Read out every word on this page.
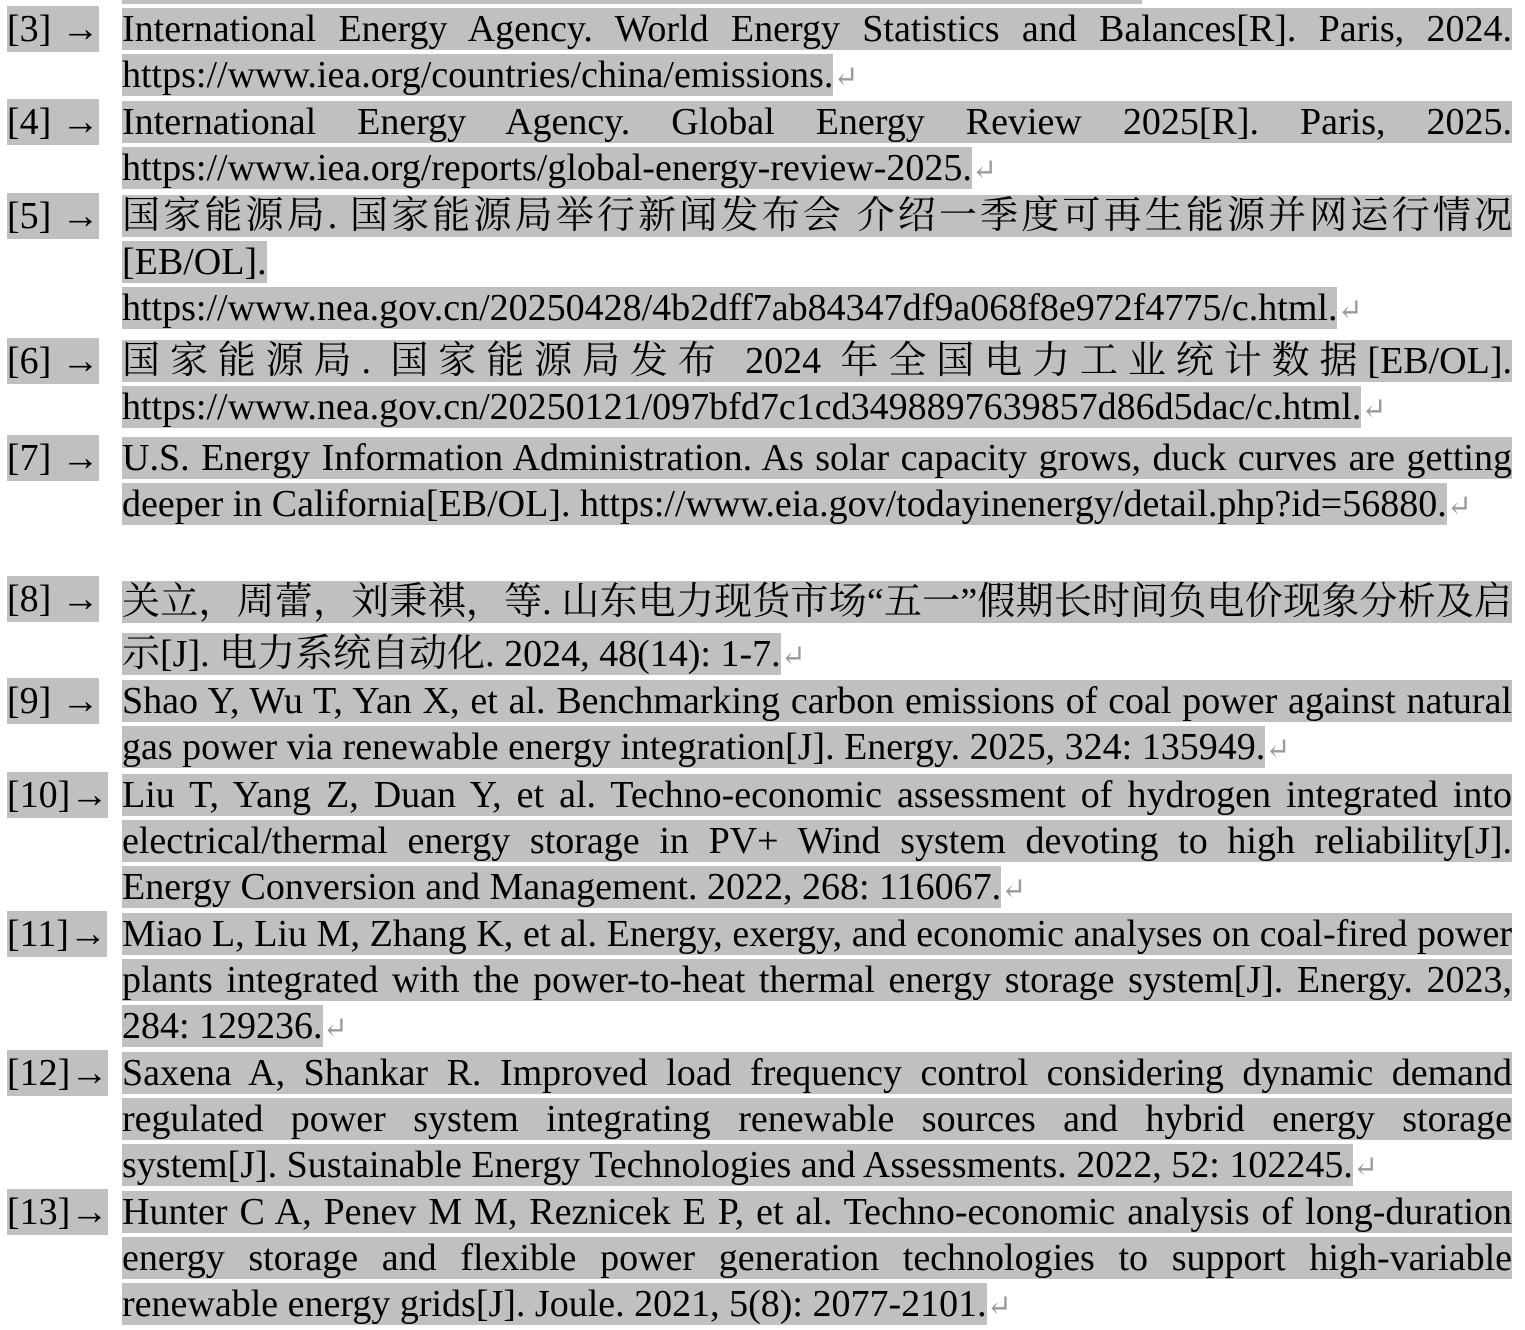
[3] → International Energy Agency. World Energy Statistics and Balances[R]. Paris, 2024. https://www.iea.org/countries/china/emissions.↵
[4] → International Energy Agency. Global Energy Review 2025[R]. Paris, 2025. https://www.iea.org/reports/global-energy-review-2025.↵
[5] → 国家能源局. 国家能源局举行新闻发布会 介绍一季度可再生能源并网运行情况[EB/OL]. https://www.nea.gov.cn/20250428/4b2dff7ab84347df9a068f8e972f4775/c.html.↵
[6] → 国家能源局. 国家能源局发布 2024 年全国电力工业统计数据[EB/OL]. https://www.nea.gov.cn/20250121/097bfd7c1cd3498897639857d86d5dac/c.html.↵
[7] → U.S. Energy Information Administration. As solar capacity grows, duck curves are getting deeper in California[EB/OL]. https://www.eia.gov/todayinenergy/detail.php?id=56880.↵
[8] → 关立，周蕾，刘秉祺，等. 山东电力现货市场“五一”假期长时间负电价现象分析及启示[J]. 电力系统自动化. 2024, 48(14): 1-7.↵
[9] → Shao Y, Wu T, Yan X, et al. Benchmarking carbon emissions of coal power against natural gas power via renewable energy integration[J]. Energy. 2025, 324: 135949.↵
[10]→ Liu T, Yang Z, Duan Y, et al. Techno-economic assessment of hydrogen integrated into electrical/thermal energy storage in PV+ Wind system devoting to high reliability[J]. Energy Conversion and Management. 2022, 268: 116067.↵
[11]→ Miao L, Liu M, Zhang K, et al. Energy, exergy, and economic analyses on coal-fired power plants integrated with the power-to-heat thermal energy storage system[J]. Energy. 2023, 284: 129236.↵
[12]→ Saxena A, Shankar R. Improved load frequency control considering dynamic demand regulated power system integrating renewable sources and hybrid energy storage system[J]. Sustainable Energy Technologies and Assessments. 2022, 52: 102245.↵
[13]→ Hunter C A, Penev M M, Reznicek E P, et al. Techno-economic analysis of long-duration energy storage and flexible power generation technologies to support high-variable renewable energy grids[J]. Joule. 2021, 5(8): 2077-2101.↵
